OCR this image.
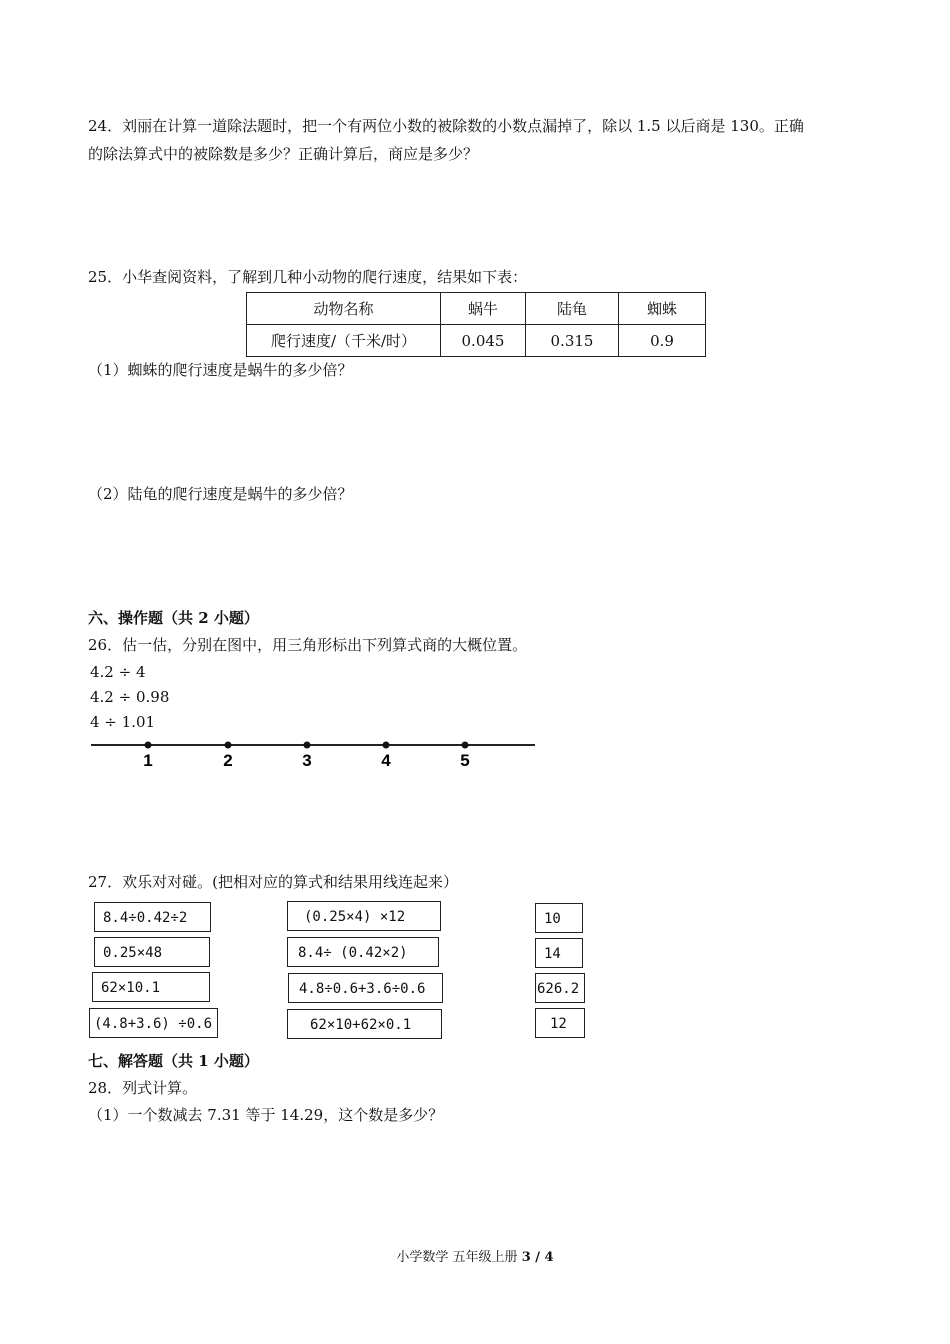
24．刘丽在计算一道除法题时，把一个有两位小数的被除数的小数点漏掉了，除以 1.5 以后商是 130。正确
的除法算式中的被除数是多少？正确计算后，商应是多少？
25．小华查阅资料，了解到几种小动物的爬行速度，结果如下表：
动物名称	蜗牛	陆龟	蜘蛛
爬行速度/（千米/时）	0.045	0.315	0.9
（1）蜘蛛的爬行速度是蜗牛的多少倍？
（2）陆龟的爬行速度是蜗牛的多少倍？
六、操作题（共 2 小题）
26．估一估，分别在图中，用三角形标出下列算式商的大概位置。
4.2 ÷ 4
4.2 ÷ 0.98
4 ÷ 1.01
1	2	3	4	5
27．欢乐对对碰。(把相对应的算式和结果用线连起来）
8.4÷0.42÷2
0.25×48
62×10.1
(4.8+3.6) ÷0.6
(0.25×4) ×12
8.4÷ (0.42×2)
4.8÷0.6+3.6÷0.6
62×10+62×0.1
10
14
626.2
12
七、解答题（共 1 小题）
28．列式计算。
（1）一个数减去 7.31 等于 14.29，这个数是多少？
小学数学 五年级上册 3 / 4
